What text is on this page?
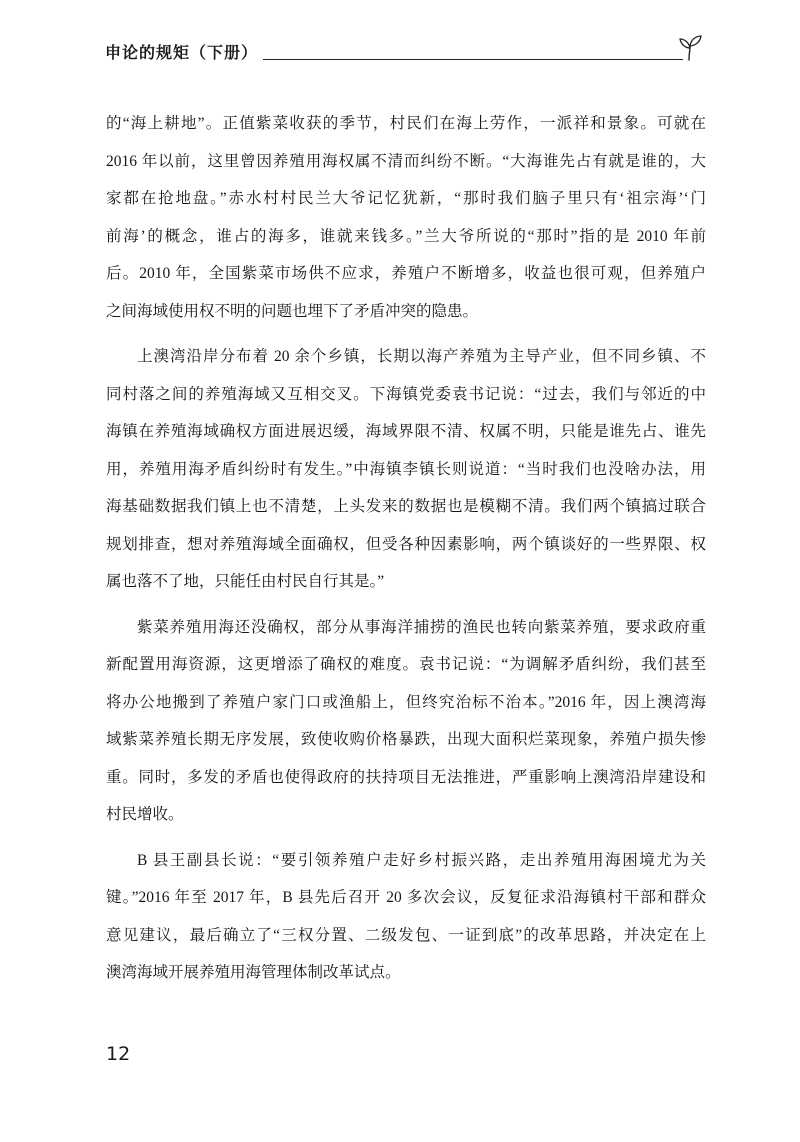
申论的规矩（下册）
的“海上耕地”。正值紫菜收获的季节，村民们在海上劳作，一派祥和景象。可就在
2016 年以前，这里曾因养殖用海权属不清而纠纷不断。“大海谁先占有就是谁的，大
家都在抢地盘。”赤水村村民兰大爷记忆犹新，“那时我们脑子里只有‘祖宗海’‘门
前海’的概念，谁占的海多，谁就来钱多。”兰大爷所说的“那时”指的是 2010 年前
后。2010 年，全国紫菜市场供不应求，养殖户不断增多，收益也很可观，但养殖户
之间海域使用权不明的问题也埋下了矛盾冲突的隐患。
上澳湾沿岸分布着 20 余个乡镇，长期以海产养殖为主导产业，但不同乡镇、不
同村落之间的养殖海域又互相交叉。下海镇党委袁书记说：“过去，我们与邻近的中
海镇在养殖海域确权方面进展迟缓，海域界限不清、权属不明，只能是谁先占、谁先
用，养殖用海矛盾纠纷时有发生。”中海镇李镇长则说道：“当时我们也没啥办法，用
海基础数据我们镇上也不清楚，上头发来的数据也是模糊不清。我们两个镇搞过联合
规划排查，想对养殖海域全面确权，但受各种因素影响，两个镇谈好的一些界限、权
属也落不了地，只能任由村民自行其是。”
紫菜养殖用海还没确权，部分从事海洋捕捞的渔民也转向紫菜养殖，要求政府重
新配置用海资源，这更增添了确权的难度。袁书记说：“为调解矛盾纠纷，我们甚至
将办公地搬到了养殖户家门口或渔船上，但终究治标不治本。”2016 年，因上澳湾海
域紫菜养殖长期无序发展，致使收购价格暴跌，出现大面积烂菜现象，养殖户损失惨
重。同时，多发的矛盾也使得政府的扶持项目无法推进，严重影响上澳湾沿岸建设和
村民增收。
B 县王副县长说：“要引领养殖户走好乡村振兴路，走出养殖用海困境尤为关
键。”2016 年至 2017 年，B 县先后召开 20 多次会议，反复征求沿海镇村干部和群众
意见建议，最后确立了“三权分置、二级发包、一证到底”的改革思路，并决定在上
澳湾海域开展养殖用海管理体制改革试点。
12
